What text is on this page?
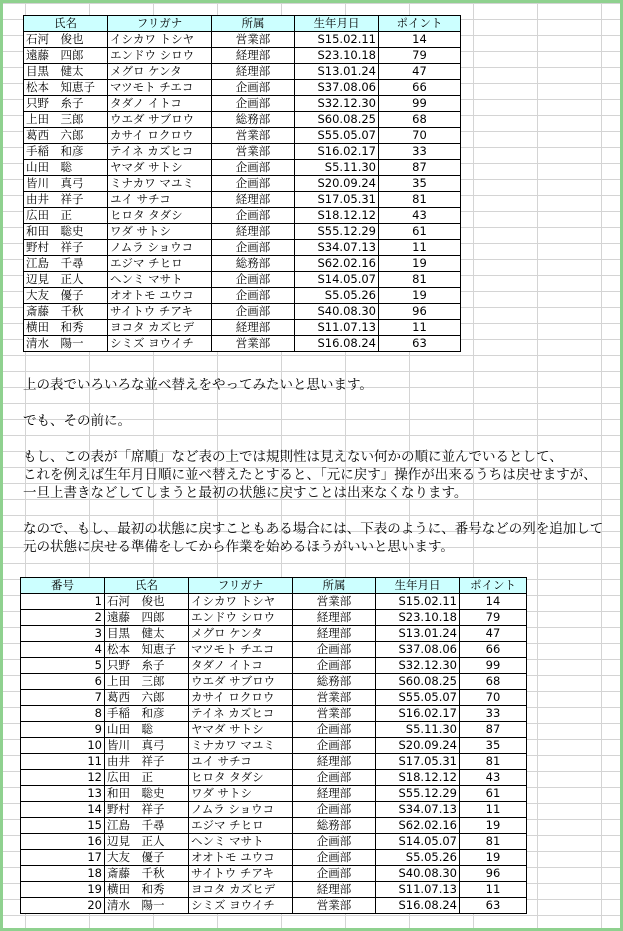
氏名	フリガナ	所属	生年月日	ポイント
石河　俊也	イシカワ トシヤ	営業部	S15.02.11	14
遠藤　四郎	エンドウ シロウ	経理部	S23.10.18	79
目黒　健太	メグロ ケンタ	経理部	S13.01.24	47
松本　知恵子	マツモト チエコ	企画部	S37.08.06	66
只野　糸子	タダノ イトコ	企画部	S32.12.30	99
上田　三郎	ウエダ サブロウ	総務部	S60.08.25	68
葛西　六郎	カサイ ロクロウ	営業部	S55.05.07	70
手稲　和彦	テイネ カズヒコ	営業部	S16.02.17	33
山田　聡	ヤマダ サトシ	企画部	S5.11.30	87
皆川　真弓	ミナカワ マユミ	企画部	S20.09.24	35
由井　祥子	ユイ サチコ	経理部	S17.05.31	81
広田　正	ヒロタ タダシ	企画部	S18.12.12	43
和田　聡史	ワダ サトシ	経理部	S55.12.29	61
野村　祥子	ノムラ ショウコ	企画部	S34.07.13	11
江島　千尋	エジマ チヒロ	総務部	S62.02.16	19
辺見　正人	ヘンミ マサト	企画部	S14.05.07	81
大友　優子	オオトモ ユウコ	企画部	S5.05.26	19
斎藤　千秋	サイトウ チアキ	企画部	S40.08.30	96
横田　和秀	ヨコタ カズヒデ	経理部	S11.07.13	11
清水　陽一	シミズ ヨウイチ	営業部	S16.08.24	63

上の表でいろいろな並べ替えをやってみたいと思います。

でも、その前に。

もし、この表が「席順」など表の上では規則性は見えない何かの順に並んでいるとして、

これを例えば生年月日順に並べ替えたとすると、「元に戻す」操作が出来るうちは戻せますが、

一旦上書きなどしてしまうと最初の状態に戻すことは出来なくなります。

なので、もし、最初の状態に戻すこともある場合には、下表のように、番号などの列を追加して

元の状態に戻せる準備をしてから作業を始めるほうがいいと思います。

番号	氏名	フリガナ	所属	生年月日	ポイント
1	石河　俊也	イシカワ トシヤ	営業部	S15.02.11	14
2	遠藤　四郎	エンドウ シロウ	経理部	S23.10.18	79
3	目黒　健太	メグロ ケンタ	経理部	S13.01.24	47
4	松本　知恵子	マツモト チエコ	企画部	S37.08.06	66
5	只野　糸子	タダノ イトコ	企画部	S32.12.30	99
6	上田　三郎	ウエダ サブロウ	総務部	S60.08.25	68
7	葛西　六郎	カサイ ロクロウ	営業部	S55.05.07	70
8	手稲　和彦	テイネ カズヒコ	営業部	S16.02.17	33
9	山田　聡	ヤマダ サトシ	企画部	S5.11.30	87
10	皆川　真弓	ミナカワ マユミ	企画部	S20.09.24	35
11	由井　祥子	ユイ サチコ	経理部	S17.05.31	81
12	広田　正	ヒロタ タダシ	企画部	S18.12.12	43
13	和田　聡史	ワダ サトシ	経理部	S55.12.29	61
14	野村　祥子	ノムラ ショウコ	企画部	S34.07.13	11
15	江島　千尋	エジマ チヒロ	総務部	S62.02.16	19
16	辺見　正人	ヘンミ マサト	企画部	S14.05.07	81
17	大友　優子	オオトモ ユウコ	企画部	S5.05.26	19
18	斎藤　千秋	サイトウ チアキ	企画部	S40.08.30	96
19	横田　和秀	ヨコタ カズヒデ	経理部	S11.07.13	11
20	清水　陽一	シミズ ヨウイチ	営業部	S16.08.24	63
